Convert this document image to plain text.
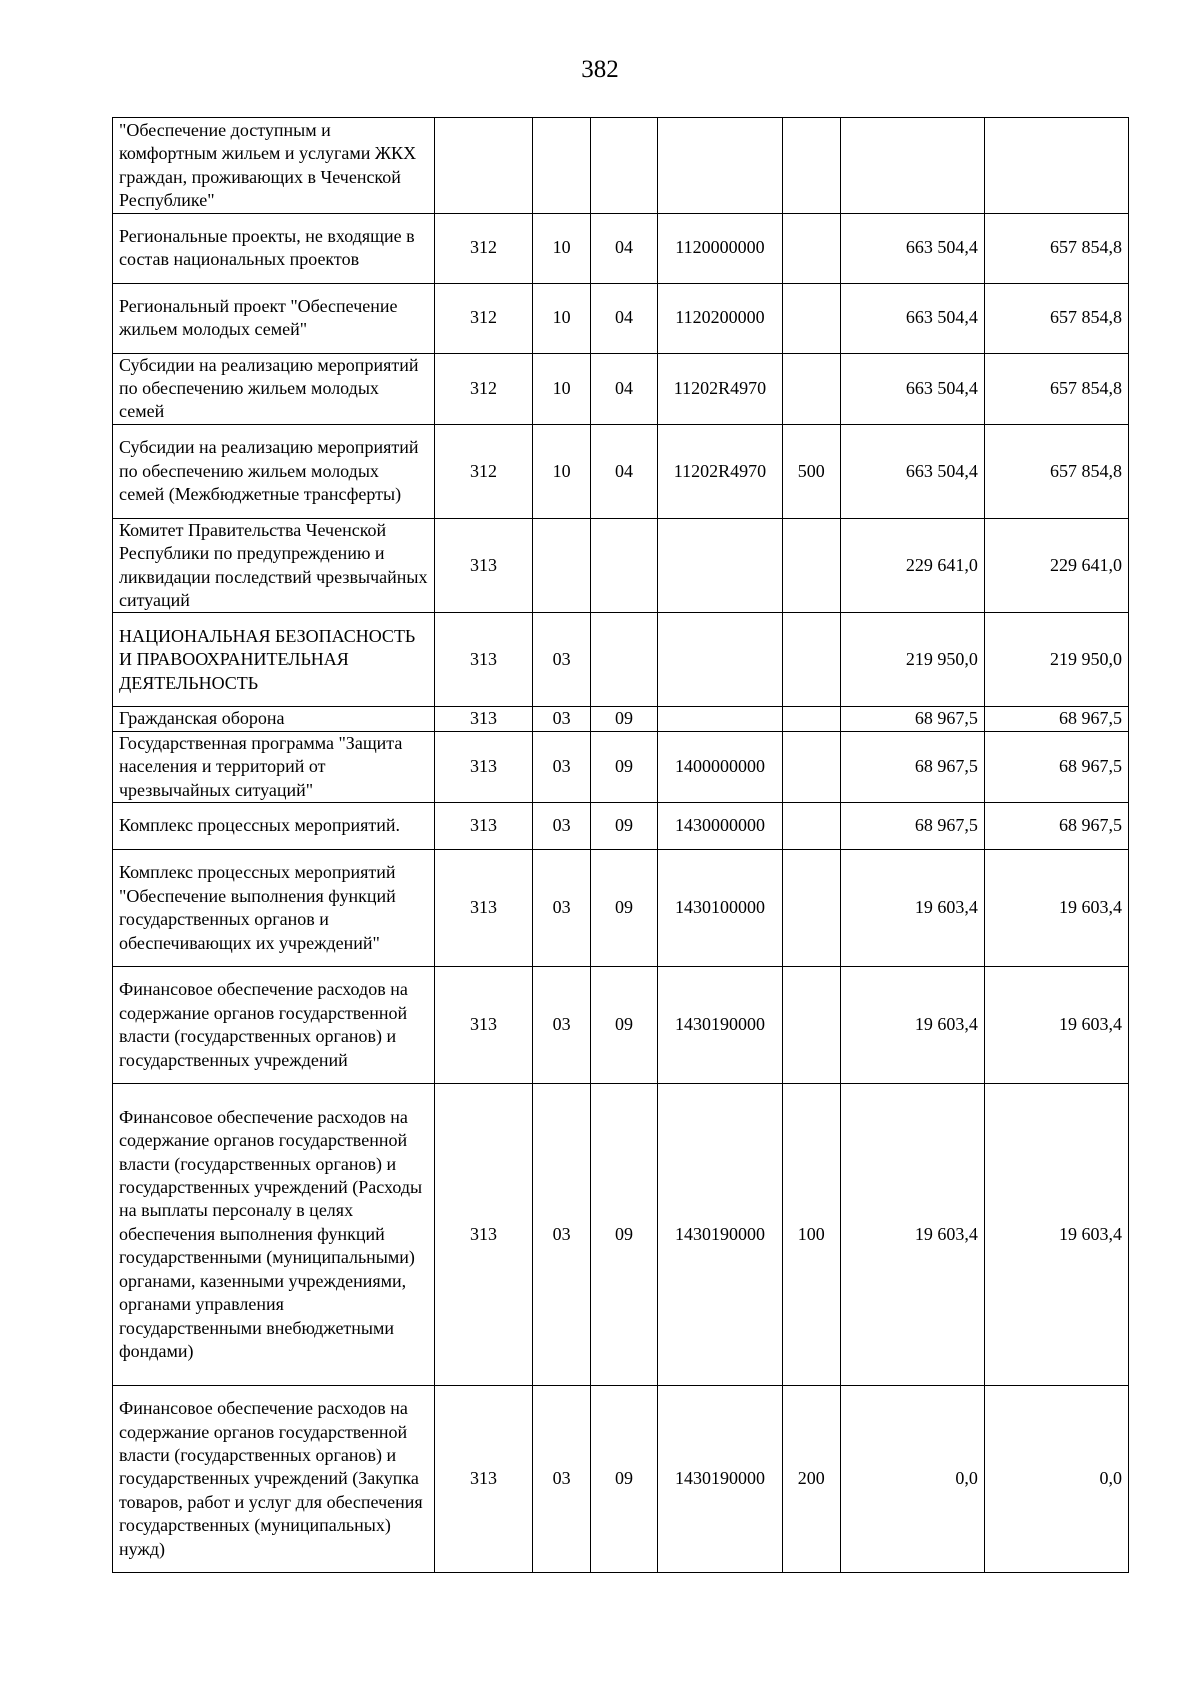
382
"Обеспечение доступным и комфортным жильем и услугами ЖКХ граждан, проживающих в Чеченской Республике"							
Региональные проекты, не входящие в состав национальных проектов	312	10	04	1120000000		663 504,4	657 854,8
Региональный проект "Обеспечение жильем молодых семей"	312	10	04	1120200000		663 504,4	657 854,8
Субсидии на реализацию мероприятий по обеспечению жильем молодых семей	312	10	04	11202R4970		663 504,4	657 854,8
Субсидии на реализацию мероприятий по обеспечению жильем молодых семей (Межбюджетные трансферты)	312	10	04	11202R4970	500	663 504,4	657 854,8
Комитет Правительства Чеченской Республики по предупреждению и ликвидации последствий чрезвычайных ситуаций	313					229 641,0	229 641,0
НАЦИОНАЛЬНАЯ БЕЗОПАСНОСТЬ И ПРАВООХРАНИТЕЛЬНАЯ ДЕЯТЕЛЬНОСТЬ	313	03				219 950,0	219 950,0
Гражданская оборона	313	03	09			68 967,5	68 967,5
Государственная программа "Защита населения и территорий от чрезвычайных ситуаций"	313	03	09	1400000000		68 967,5	68 967,5
Комплекс процессных мероприятий.	313	03	09	1430000000		68 967,5	68 967,5
Комплекс процессных мероприятий "Обеспечение выполнения функций государственных органов и обеспечивающих их учреждений"	313	03	09	1430100000		19 603,4	19 603,4
Финансовое обеспечение расходов на содержание органов государственной власти (государственных органов) и государственных учреждений	313	03	09	1430190000		19 603,4	19 603,4
Финансовое обеспечение расходов на содержание органов государственной власти (государственных органов) и государственных учреждений (Расходы на выплаты персоналу в целях обеспечения выполнения функций государственными (муниципальными) органами, казенными учреждениями, органами управления государственными внебюджетными фондами)	313	03	09	1430190000	100	19 603,4	19 603,4
Финансовое обеспечение расходов на содержание органов государственной власти (государственных органов) и государственных учреждений (Закупка товаров, работ и услуг для обеспечения государственных (муниципальных) нужд)	313	03	09	1430190000	200	0,0	0,0
